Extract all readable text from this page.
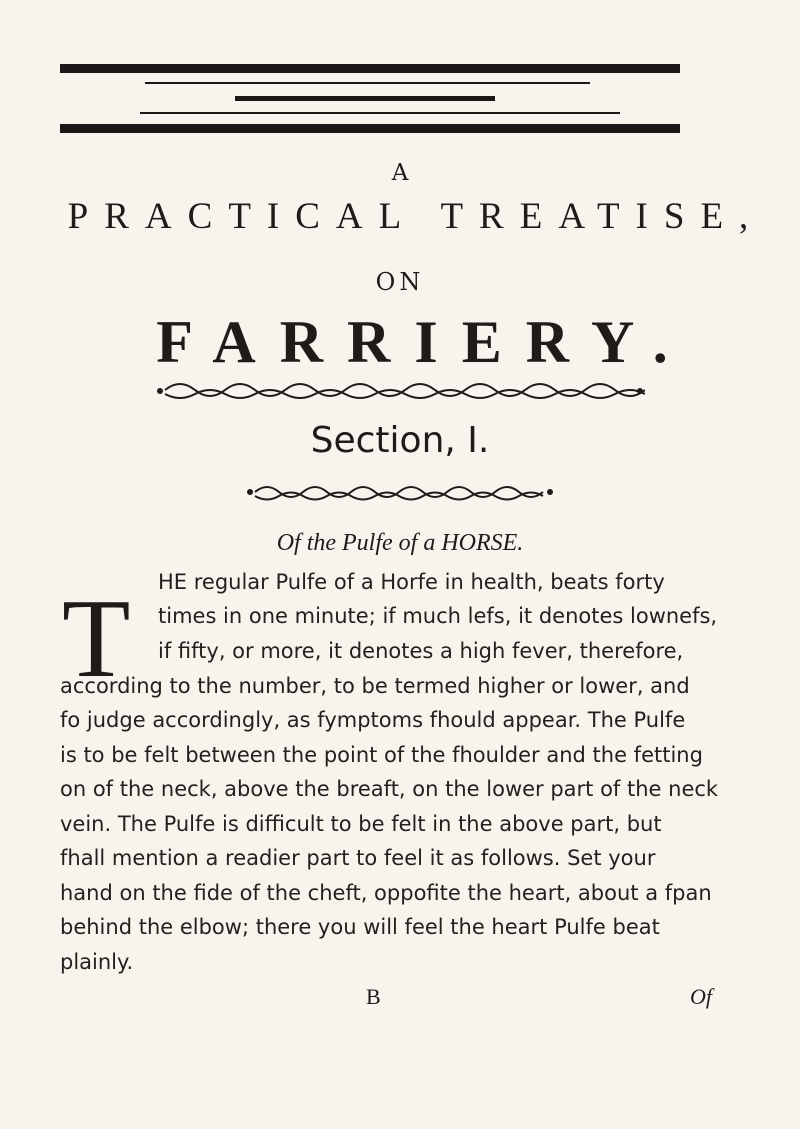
A
PRACTICAL TREATISE,
ON
FARRIERY.
Section, I.
Of the Pulfe of a HORSE.
T HE regular Pulfe of a Horfe in health, beats forty
times in one minute; if much lefs, it denotes lownefs,
if fifty, or more, it denotes a high fever, therefore,
according to the number, to be termed higher or lower, and
fo judge accordingly, as fymptoms fhould appear. The Pulfe
is to be felt between the point of the fhoulder and the fetting
on of the neck, above the breaft, on the lower part of the neck
vein. The Pulfe is difficult to be felt in the above part, but
fhall mention a readier part to feel it as follows. Set your
hand on the fide of the cheft, oppofite the heart, about a fpan
behind the elbow; there you will feel the heart Pulfe beat
plainly.
B	Of
